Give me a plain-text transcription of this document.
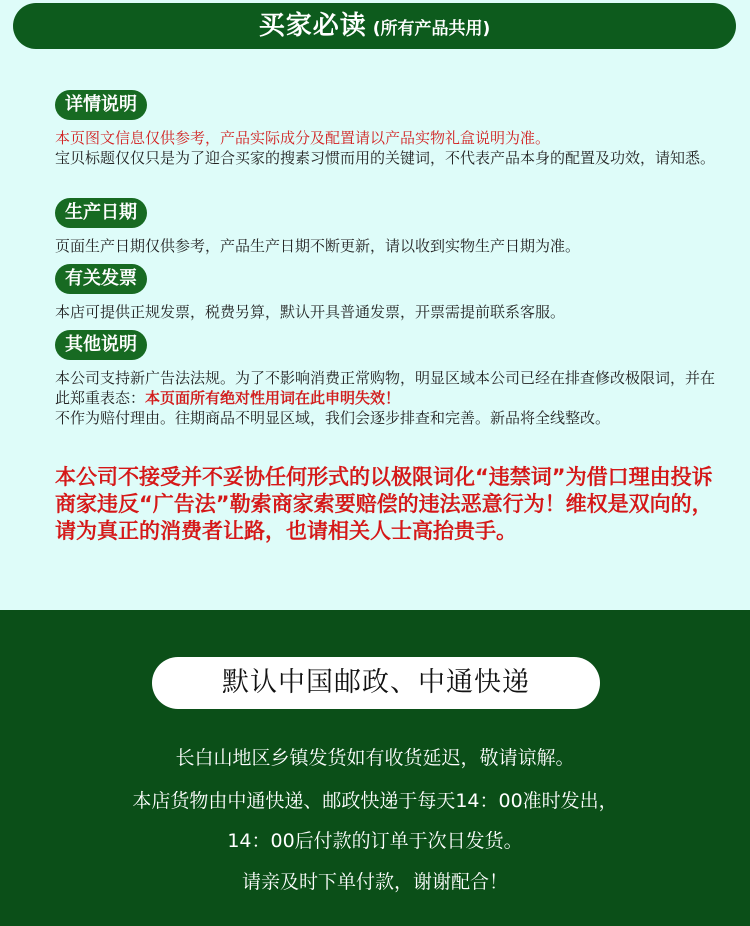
买家必读 (所有产品共用)
详情说明

本页图文信息仅供参考，产品实际成分及配置请以产品实物礼盒说明为准。
宝贝标题仅仅只是为了迎合买家的搜素习惯而用的关键词，不代表产品本身的配置及功效，请知悉。

生产日期

页面生产日期仅供参考，产品生产日期不断更新，请以收到实物生产日期为准。

有关发票

本店可提供正规发票，税费另算，默认开具普通发票，开票需提前联系客服。

其他说明

本公司支持新广告法法规。为了不影响消费正常购物，明显区域本公司已经在排查修改极限词，并在此郑重表态：本页面所有绝对性用词在此申明失效！
不作为赔付理由。往期商品不明显区域，我们会逐步排查和完善。新品将全线整改。

本公司不接受并不妥协任何形式的以极限词化“违禁词”为借口理由投诉商家违反“广告法”勒索商家索要赔偿的违法恶意行为！维权是双向的，请为真正的消费者让路，也请相关人士高抬贵手。

默认中国邮政、中通快递

长白山地区乡镇发货如有收货延迟，敬请谅解。

本店货物由中通快递、邮政快递于每天14：00准时发出，

14：00后付款的订单于次日发货。

请亲及时下单付款，谢谢配合！
